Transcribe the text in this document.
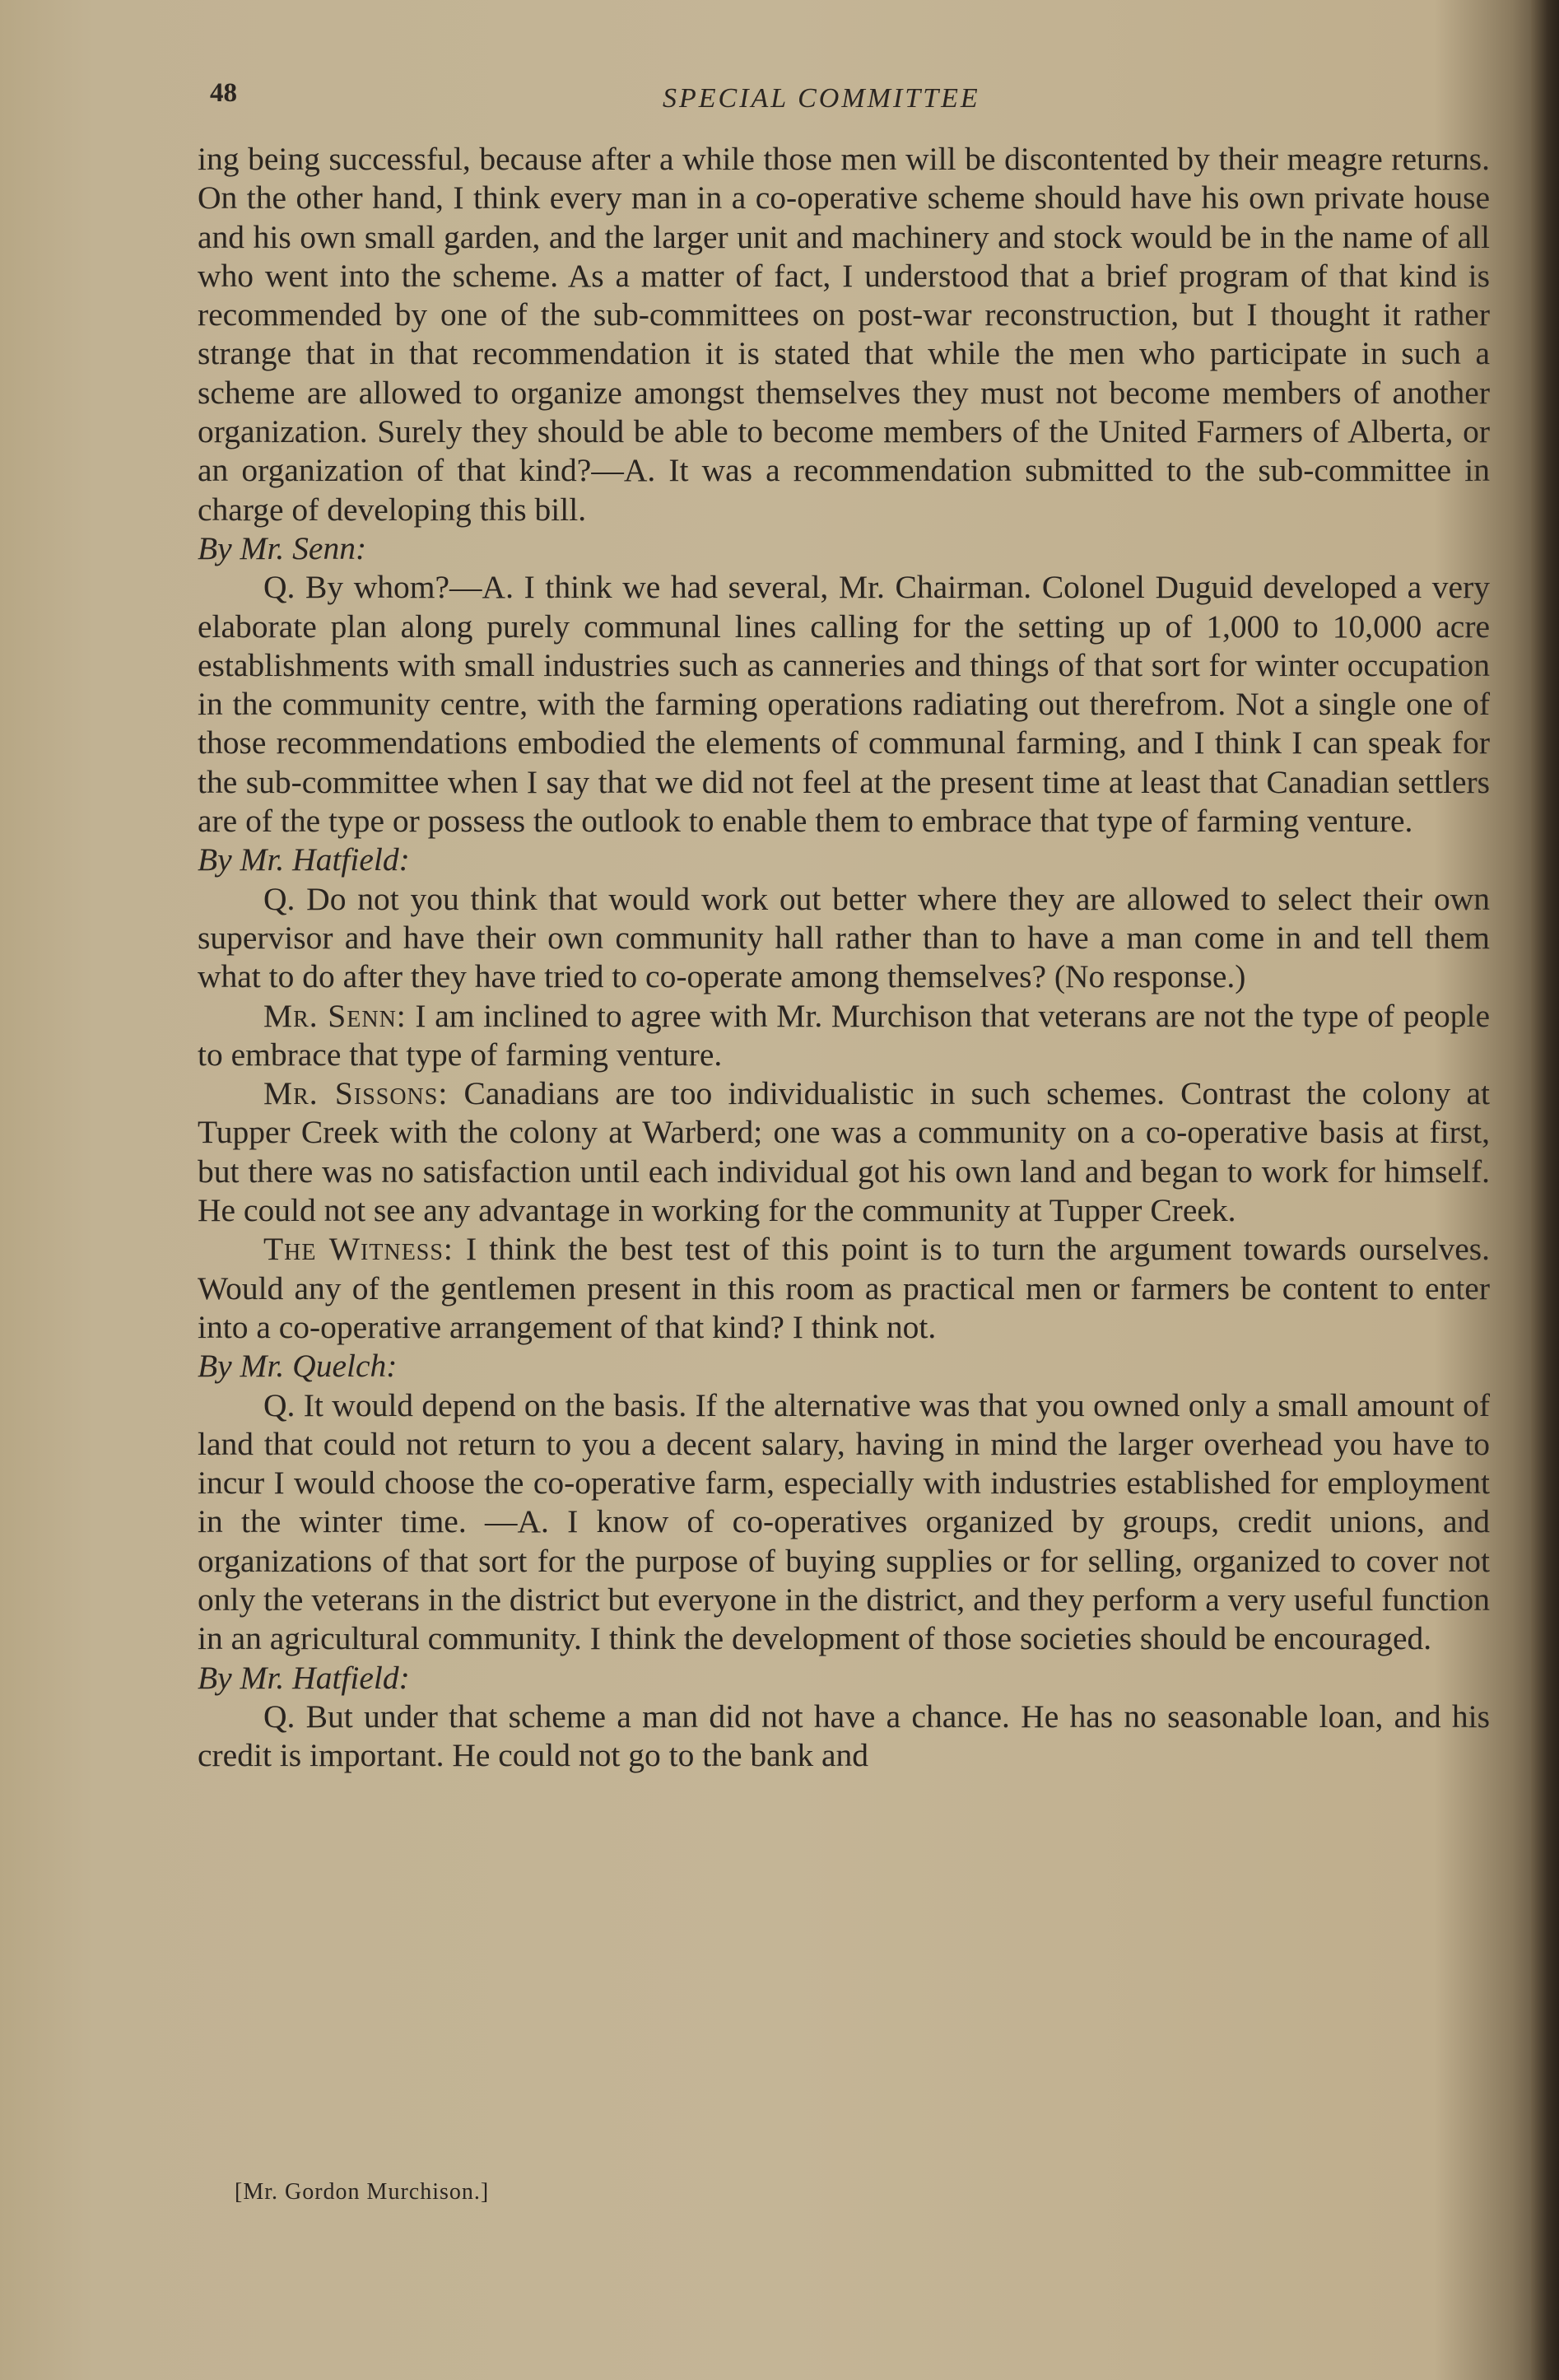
48	SPECIAL COMMITTEE

ing being successful, because after a while those men will be discontented by their meagre returns. On the other hand, I think every man in a co-operative scheme should have his own private house and his own small garden, and the larger unit and machinery and stock would be in the name of all who went into the scheme. As a matter of fact, I understood that a brief program of that kind is recommended by one of the sub-committees on post-war reconstruction, but I thought it rather strange that in that recommendation it is stated that while the men who participate in such a scheme are allowed to organize amongst themselves they must not become members of another organization. Surely they should be able to become members of the United Farmers of Alberta, or an organization of that kind?—A. It was a recommendation submitted to the sub-committee in charge of developing this bill.

By Mr. Senn:

Q. By whom?—A. I think we had several, Mr. Chairman. Colonel Duguid developed a very elaborate plan along purely communal lines calling for the setting up of 1,000 to 10,000 acre establishments with small industries such as canneries and things of that sort for winter occupation in the community centre, with the farming operations radiating out therefrom. Not a single one of those recommendations embodied the elements of communal farming, and I think I can speak for the sub-committee when I say that we did not feel at the present time at least that Canadian settlers are of the type or possess the outlook to enable them to embrace that type of farming venture.

By Mr. Hatfield:

Q. Do not you think that would work out better where they are allowed to select their own supervisor and have their own community hall rather than to have a man come in and tell them what to do after they have tried to co-operate among themselves? (No response.)

Mr. Senn: I am inclined to agree with Mr. Murchison that veterans are not the type of people to embrace that type of farming venture.

Mr. Sissons: Canadians are too individualistic in such schemes. Contrast the colony at Tupper Creek with the colony at Warberd; one was a community on a co-operative basis at first, but there was no satisfaction until each individual got his own land and began to work for himself. He could not see any advantage in working for the community at Tupper Creek.

The Witness: I think the best test of this point is to turn the argument towards ourselves. Would any of the gentlemen present in this room as practical men or farmers be content to enter into a co-operative arrangement of that kind? I think not.

By Mr. Quelch:

Q. It would depend on the basis. If the alternative was that you owned only a small amount of land that could not return to you a decent salary, having in mind the larger overhead you have to incur I would choose the co-operative farm, especially with industries established for employment in the winter time. —A. I know of co-operatives organized by groups, credit unions, and organizations of that sort for the purpose of buying supplies or for selling, organized to cover not only the veterans in the district but everyone in the district, and they perform a very useful function in an agricultural community. I think the development of those societies should be encouraged.

By Mr. Hatfield:

Q. But under that scheme a man did not have a chance. He has no seasonable loan, and his credit is important. He could not go to the bank and

[Mr. Gordon Murchison.]
